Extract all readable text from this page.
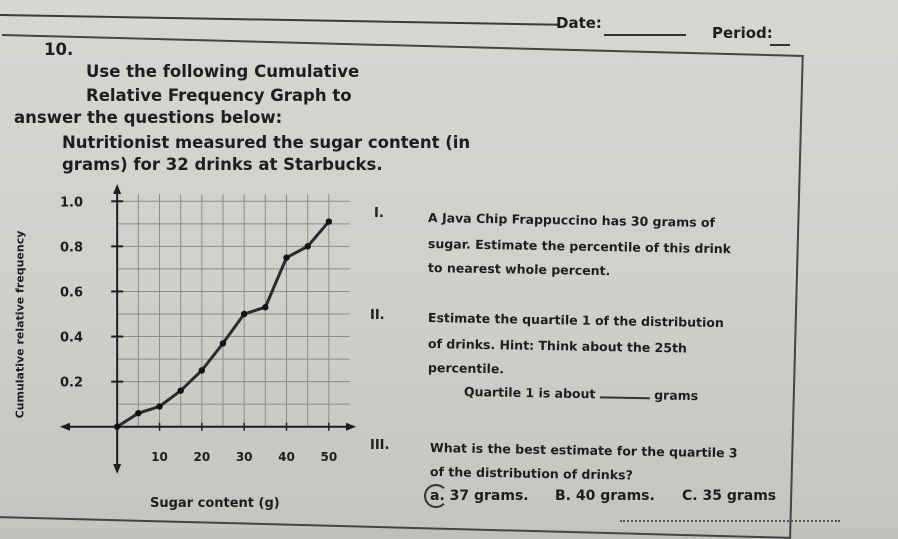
Date:
Period:
10.
Use the following Cumulative
Relative Frequency Graph to
answer the questions below:
Nutritionist measured the sugar content (in
grams) for 32 drinks at Starbucks.
Cumulative relative frequency
10 20 30 40 50
0.2
0.4
0.6
0.8
1.0
Sugar content (g)
I.	A Java Chip Frappuccino has 30 grams of
sugar. Estimate the percentile of this drink
to nearest whole percent.
II.	Estimate the quartile 1 of the distribution
of drinks. Hint: Think about the 25th
percentile.
Quartile 1 is about	grams
III.	What is the best estimate for the quartile 3
of the distribution of drinks?
a. 37 grams. B. 40 grams. C. 35 grams
